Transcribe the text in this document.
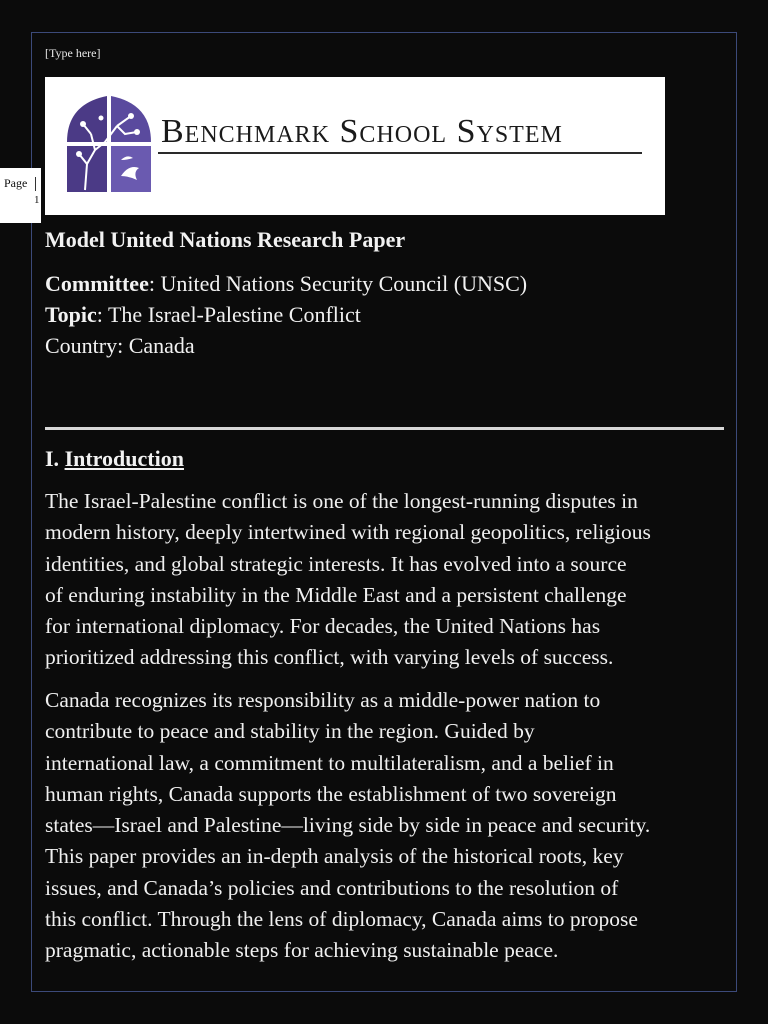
[Type here]
Page
1
Benchmark School System
Model United Nations Research Paper
Committee: United Nations Security Council (UNSC)
Topic: The Israel-Palestine Conflict
Country: Canada
I. Introduction
The Israel-Palestine conflict is one of the longest-running disputes in
modern history, deeply intertwined with regional geopolitics, religious
identities, and global strategic interests. It has evolved into a source
of enduring instability in the Middle East and a persistent challenge
for international diplomacy. For decades, the United Nations has
prioritized addressing this conflict, with varying levels of success.
Canada recognizes its responsibility as a middle-power nation to
contribute to peace and stability in the region. Guided by
international law, a commitment to multilateralism, and a belief in
human rights, Canada supports the establishment of two sovereign
states—Israel and Palestine—living side by side in peace and security.
This paper provides an in-depth analysis of the historical roots, key
issues, and Canada’s policies and contributions to the resolution of
this conflict. Through the lens of diplomacy, Canada aims to propose
pragmatic, actionable steps for achieving sustainable peace.
